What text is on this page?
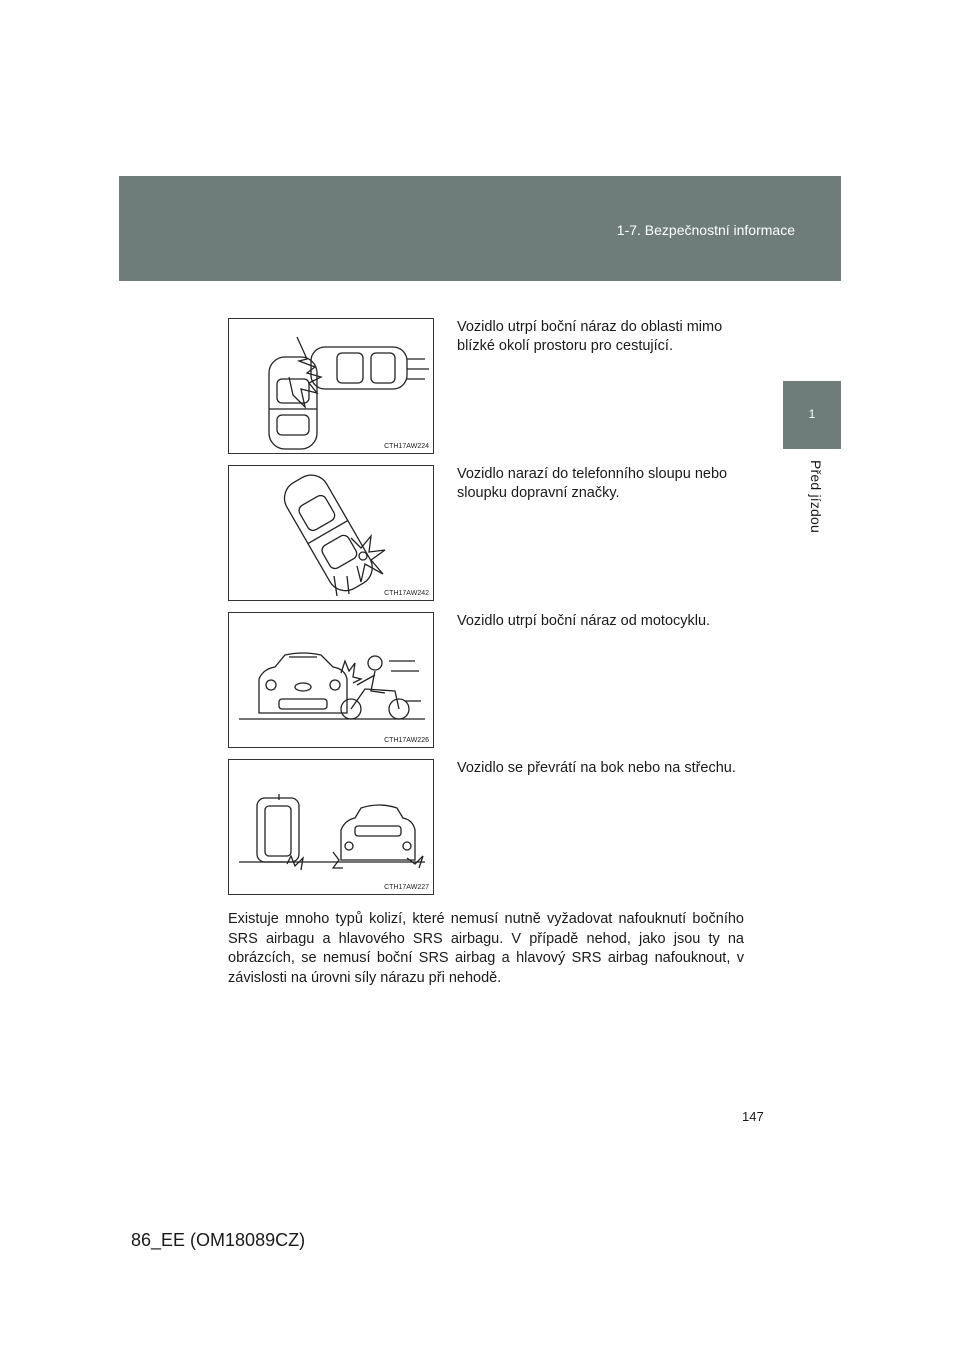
1-7. Bezpečnostní informace
1
Před jízdou
CTH17AW224
Vozidlo utrpí boční náraz do oblasti mimo blízké okolí prostoru pro cestující.
CTH17AW242
Vozidlo narazí do telefonního sloupu nebo sloupku dopravní značky.
CTH17AW226
Vozidlo utrpí boční náraz od motocyklu.
CTH17AW227
Vozidlo se převrátí na bok nebo na střechu.
Existuje mnoho typů kolizí, které nemusí nutně vyžadovat nafouknutí bočního SRS airbagu a hlavového SRS airbagu. V případě nehod, jako jsou ty na obrázcích, se nemusí boční SRS airbag a hlavový SRS airbag nafouknout, v závislosti na úrovni síly nárazu při nehodě.
147
86_EE (OM18089CZ)
